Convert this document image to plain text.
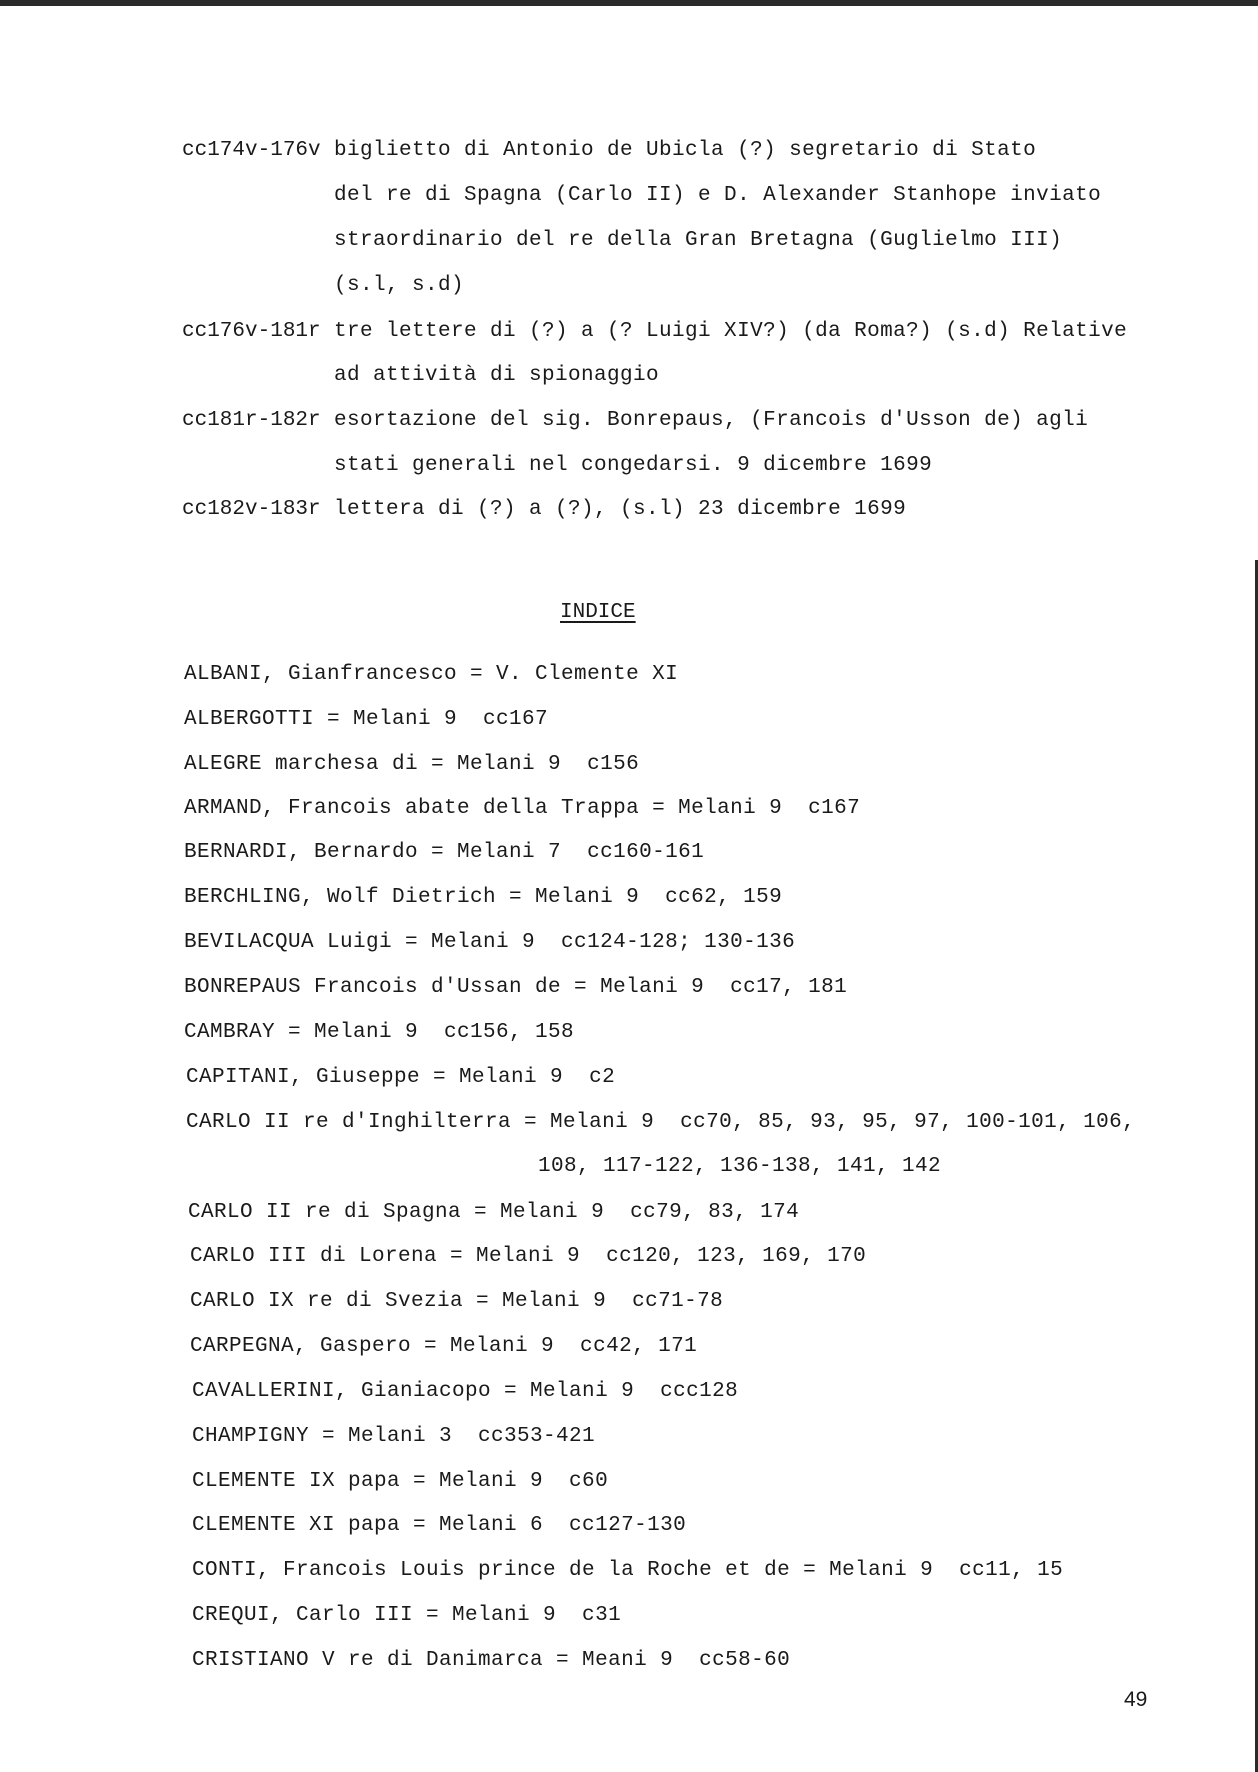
cc174v-176v biglietto di Antonio de Ubicla (?) segretario di Stato
del re di Spagna (Carlo II) e D. Alexander Stanhope inviato
straordinario del re della Gran Bretagna (Guglielmo III)
(s.l, s.d)
cc176v-181r tre lettere di (?) a (? Luigi XIV?) (da Roma?) (s.d) Relative
ad attività di spionaggio
cc181r-182r esortazione del sig. Bonrepaus, (Francois d'Usson de) agli
stati generali nel congedarsi. 9 dicembre 1699
cc182v-183r lettera di (?) a (?), (s.l) 23 dicembre 1699
INDICE
ALBANI, Gianfrancesco = V. Clemente XI
ALBERGOTTI = Melani 9  cc167
ALEGRE marchesa di = Melani 9  c156
ARMAND, Francois abate della Trappa = Melani 9  c167
BERNARDI, Bernardo = Melani 7  cc160-161
BERCHLING, Wolf Dietrich = Melani 9  cc62, 159
BEVILACQUA Luigi = Melani 9  cc124-128; 130-136
BONREPAUS Francois d'Ussan de = Melani 9  cc17, 181
CAMBRAY = Melani 9  cc156, 158
CAPITANI, Giuseppe = Melani 9  c2
CARLO II re d'Inghilterra = Melani 9  cc70, 85, 93, 95, 97, 100-101, 106,
108, 117-122, 136-138, 141, 142
CARLO II re di Spagna = Melani 9  cc79, 83, 174
CARLO III di Lorena = Melani 9  cc120, 123, 169, 170
CARLO IX re di Svezia = Melani 9  cc71-78
CARPEGNA, Gaspero = Melani 9  cc42, 171
CAVALLERINI, Gianiacopo = Melani 9  ccc128
CHAMPIGNY = Melani 3  cc353-421
CLEMENTE IX papa = Melani 9  c60
CLEMENTE XI papa = Melani 6  cc127-130
CONTI, Francois Louis prince de la Roche et de = Melani 9  cc11, 15
CREQUI, Carlo III = Melani 9  c31
CRISTIANO V re di Danimarca = Meani 9  cc58-60
49
